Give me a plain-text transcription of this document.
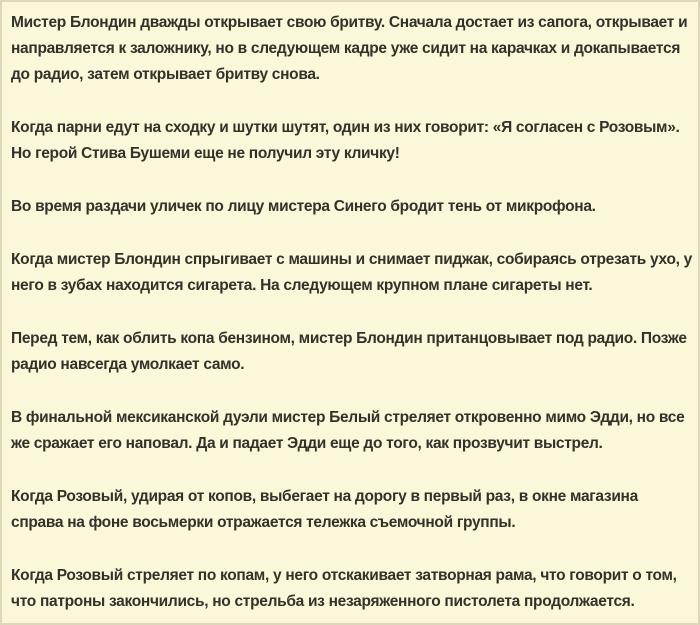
Мистер Блондин дважды открывает свою бритву. Сначала достает из сапога, открывает и
направляется к заложнику, но в следующем кадре уже сидит на карачках и докапывается
до радио, затем открывает бритву снова.
Когда парни едут на сходку и шутки шутят, один из них говорит: «Я согласен с Розовым».
Но герой Стива Бушеми еще не получил эту кличку!
Во время раздачи уличек по лицу мистера Синего бродит тень от микрофона.
Когда мистер Блондин спрыгивает с машины и снимает пиджак, собираясь отрезать ухо, у
него в зубах находится сигарета. На следующем крупном плане сигареты нет.
Перед тем, как облить копа бензином, мистер Блондин пританцовывает под радио. Позже
радио навсегда умолкает само.
В финальной мексиканской дуэли мистер Белый стреляет откровенно мимо Эдди, но все
же сражает его наповал. Да и падает Эдди еще до того, как прозвучит выстрел.
Когда Розовый, удирая от копов, выбегает на дорогу в первый раз, в окне магазина
справа на фоне восьмерки отражается тележка съемочной группы.
Когда Розовый стреляет по копам, у него отскакивает затворная рама, что говорит о том,
что патроны закончились, но стрельба из незаряженного пистолета продолжается.
